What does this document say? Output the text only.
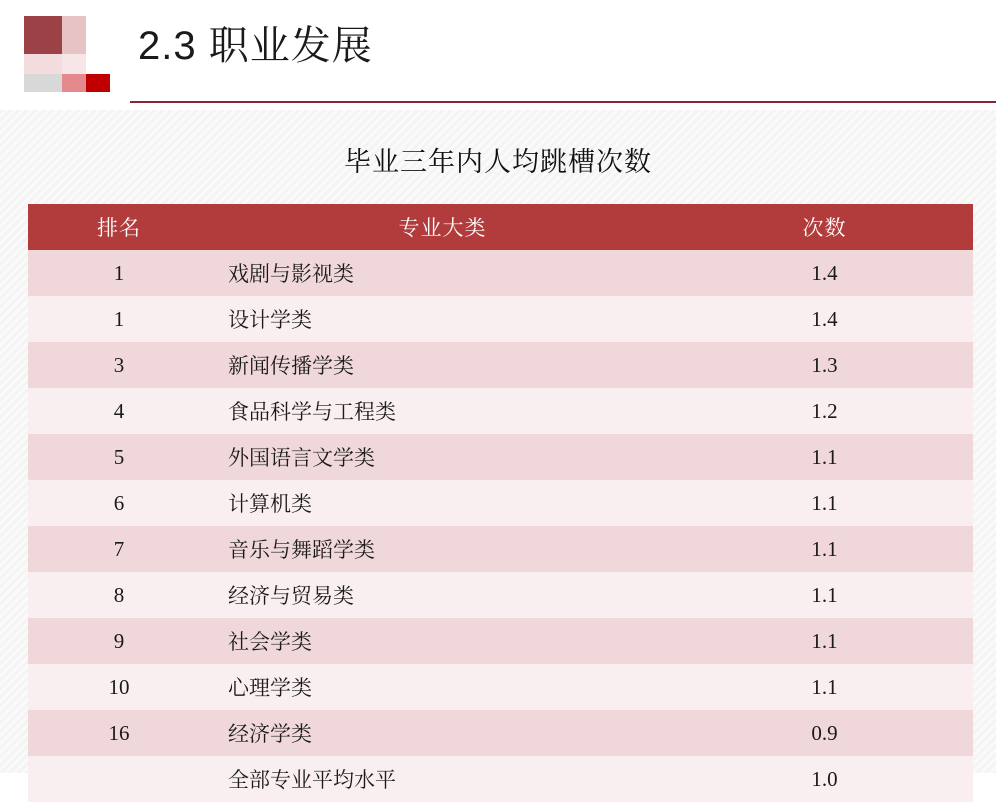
2.3 职业发展
毕业三年内人均跳槽次数
排名	专业大类	次数
1	戏剧与影视类	1.4
1	设计学类	1.4
3	新闻传播学类	1.3
4	食品科学与工程类	1.2
5	外国语言文学类	1.1
6	计算机类	1.1
7	音乐与舞蹈学类	1.1
8	经济与贸易类	1.1
9	社会学类	1.1
10	心理学类	1.1
16	经济学类	0.9
	全部专业平均水平	1.0
